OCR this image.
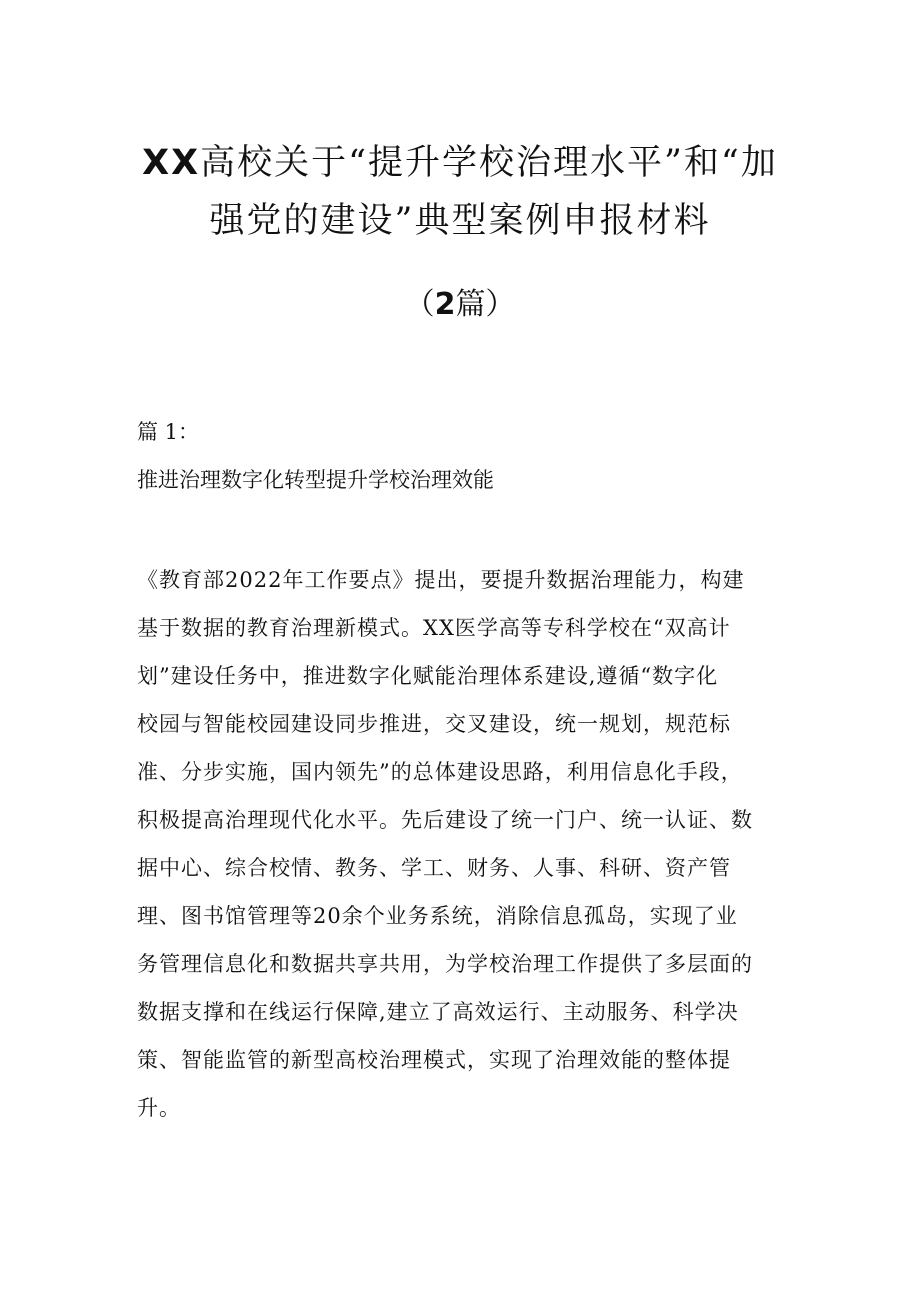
XX高校关于“提升学校治理水平”和“加
强党的建设”典型案例申报材料
（2篇）

篇 1：

推进治理数字化转型提升学校治理效能

《教育部2022年工作要点》提出，要提升数据治理能力，构建
基于数据的教育治理新模式。XX医学高等专科学校在“双高计
划”建设任务中，推进数字化赋能治理体系建设,遵循“数字化
校园与智能校园建设同步推进，交叉建设，统一规划，规范标
准、分步实施，国内领先”的总体建设思路，利用信息化手段，
积极提高治理现代化水平。先后建设了统一门户、统一认证、数
据中心、综合校情、教务、学工、财务、人事、科研、资产管
理、图书馆管理等20余个业务系统，消除信息孤岛，实现了业
务管理信息化和数据共享共用，为学校治理工作提供了多层面的
数据支撑和在线运行保障,建立了高效运行、主动服务、科学决
策、智能监管的新型高校治理模式，实现了治理效能的整体提
升。
